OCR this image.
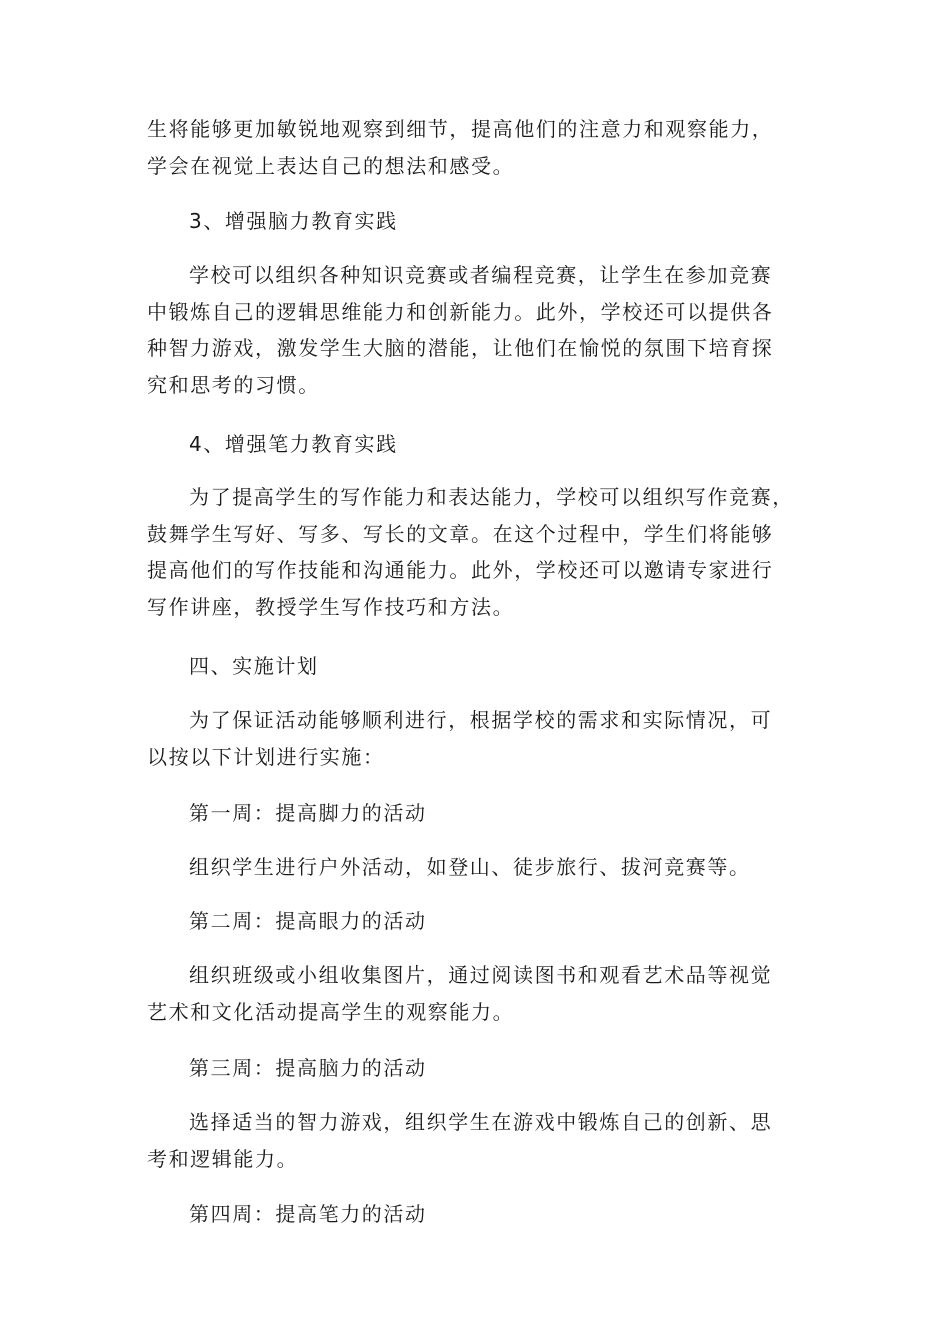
生将能够更加敏锐地观察到细节，提高他们的注意力和观察能力，
学会在视觉上表达自己的想法和感受。
3、增强脑力教育实践
学校可以组织各种知识竞赛或者编程竞赛，让学生在参加竞赛
中锻炼自己的逻辑思维能力和创新能力。此外，学校还可以提供各
种智力游戏，激发学生大脑的潜能，让他们在愉悦的氛围下培育探
究和思考的习惯。
4、增强笔力教育实践
为了提高学生的写作能力和表达能力，学校可以组织写作竞赛，
鼓舞学生写好、写多、写长的文章。在这个过程中，学生们将能够
提高他们的写作技能和沟通能力。此外，学校还可以邀请专家进行
写作讲座，教授学生写作技巧和方法。
四、实施计划
为了保证活动能够顺利进行，根据学校的需求和实际情况，可
以按以下计划进行实施：
第一周：提高脚力的活动
组织学生进行户外活动，如登山、徒步旅行、拔河竞赛等。
第二周：提高眼力的活动
组织班级或小组收集图片，通过阅读图书和观看艺术品等视觉
艺术和文化活动提高学生的观察能力。
第三周：提高脑力的活动
选择适当的智力游戏，组织学生在游戏中锻炼自己的创新、思
考和逻辑能力。
第四周：提高笔力的活动
